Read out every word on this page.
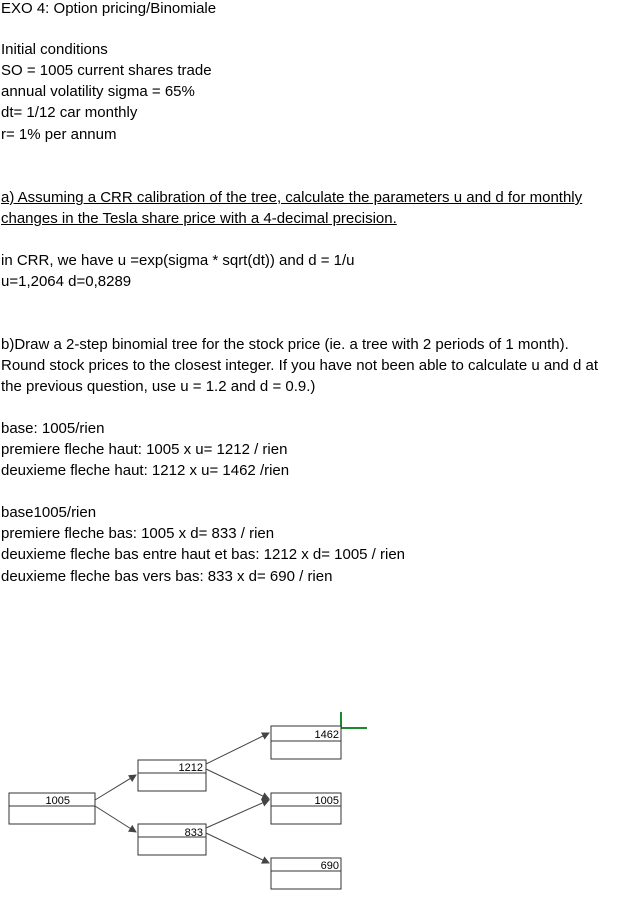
EXO 4: Option pricing/Binomiale
Initial conditions
SO = 1005 current shares trade
annual volatility sigma = 65%
dt= 1/12 car monthly
r= 1% per annum
a) Assuming a CRR calibration of the tree, calculate the parameters u and d for monthly
changes in the Tesla share price with a 4-decimal precision.
in CRR, we have u =exp(sigma * sqrt(dt)) and d = 1/u
u=1,2064 d=0,8289
b)Draw a 2-step binomial tree for the stock price (ie. a tree with 2 periods of 1 month).
Round stock prices to the closest integer. If you have not been able to calculate u and d at
the previous question, use u = 1.2 and d = 0.9.)
base: 1005/rien
premiere fleche haut: 1005 x u= 1212 / rien
deuxieme fleche haut: 1212 x u= 1462 /rien
base1005/rien
premiere fleche bas: 1005 x d= 833 / rien
deuxieme fleche bas entre haut et bas: 1212 x d= 1005 / rien
deuxieme fleche bas vers bas: 833 x d= 690 / rien
1005
1212
833
1462
1005
690
